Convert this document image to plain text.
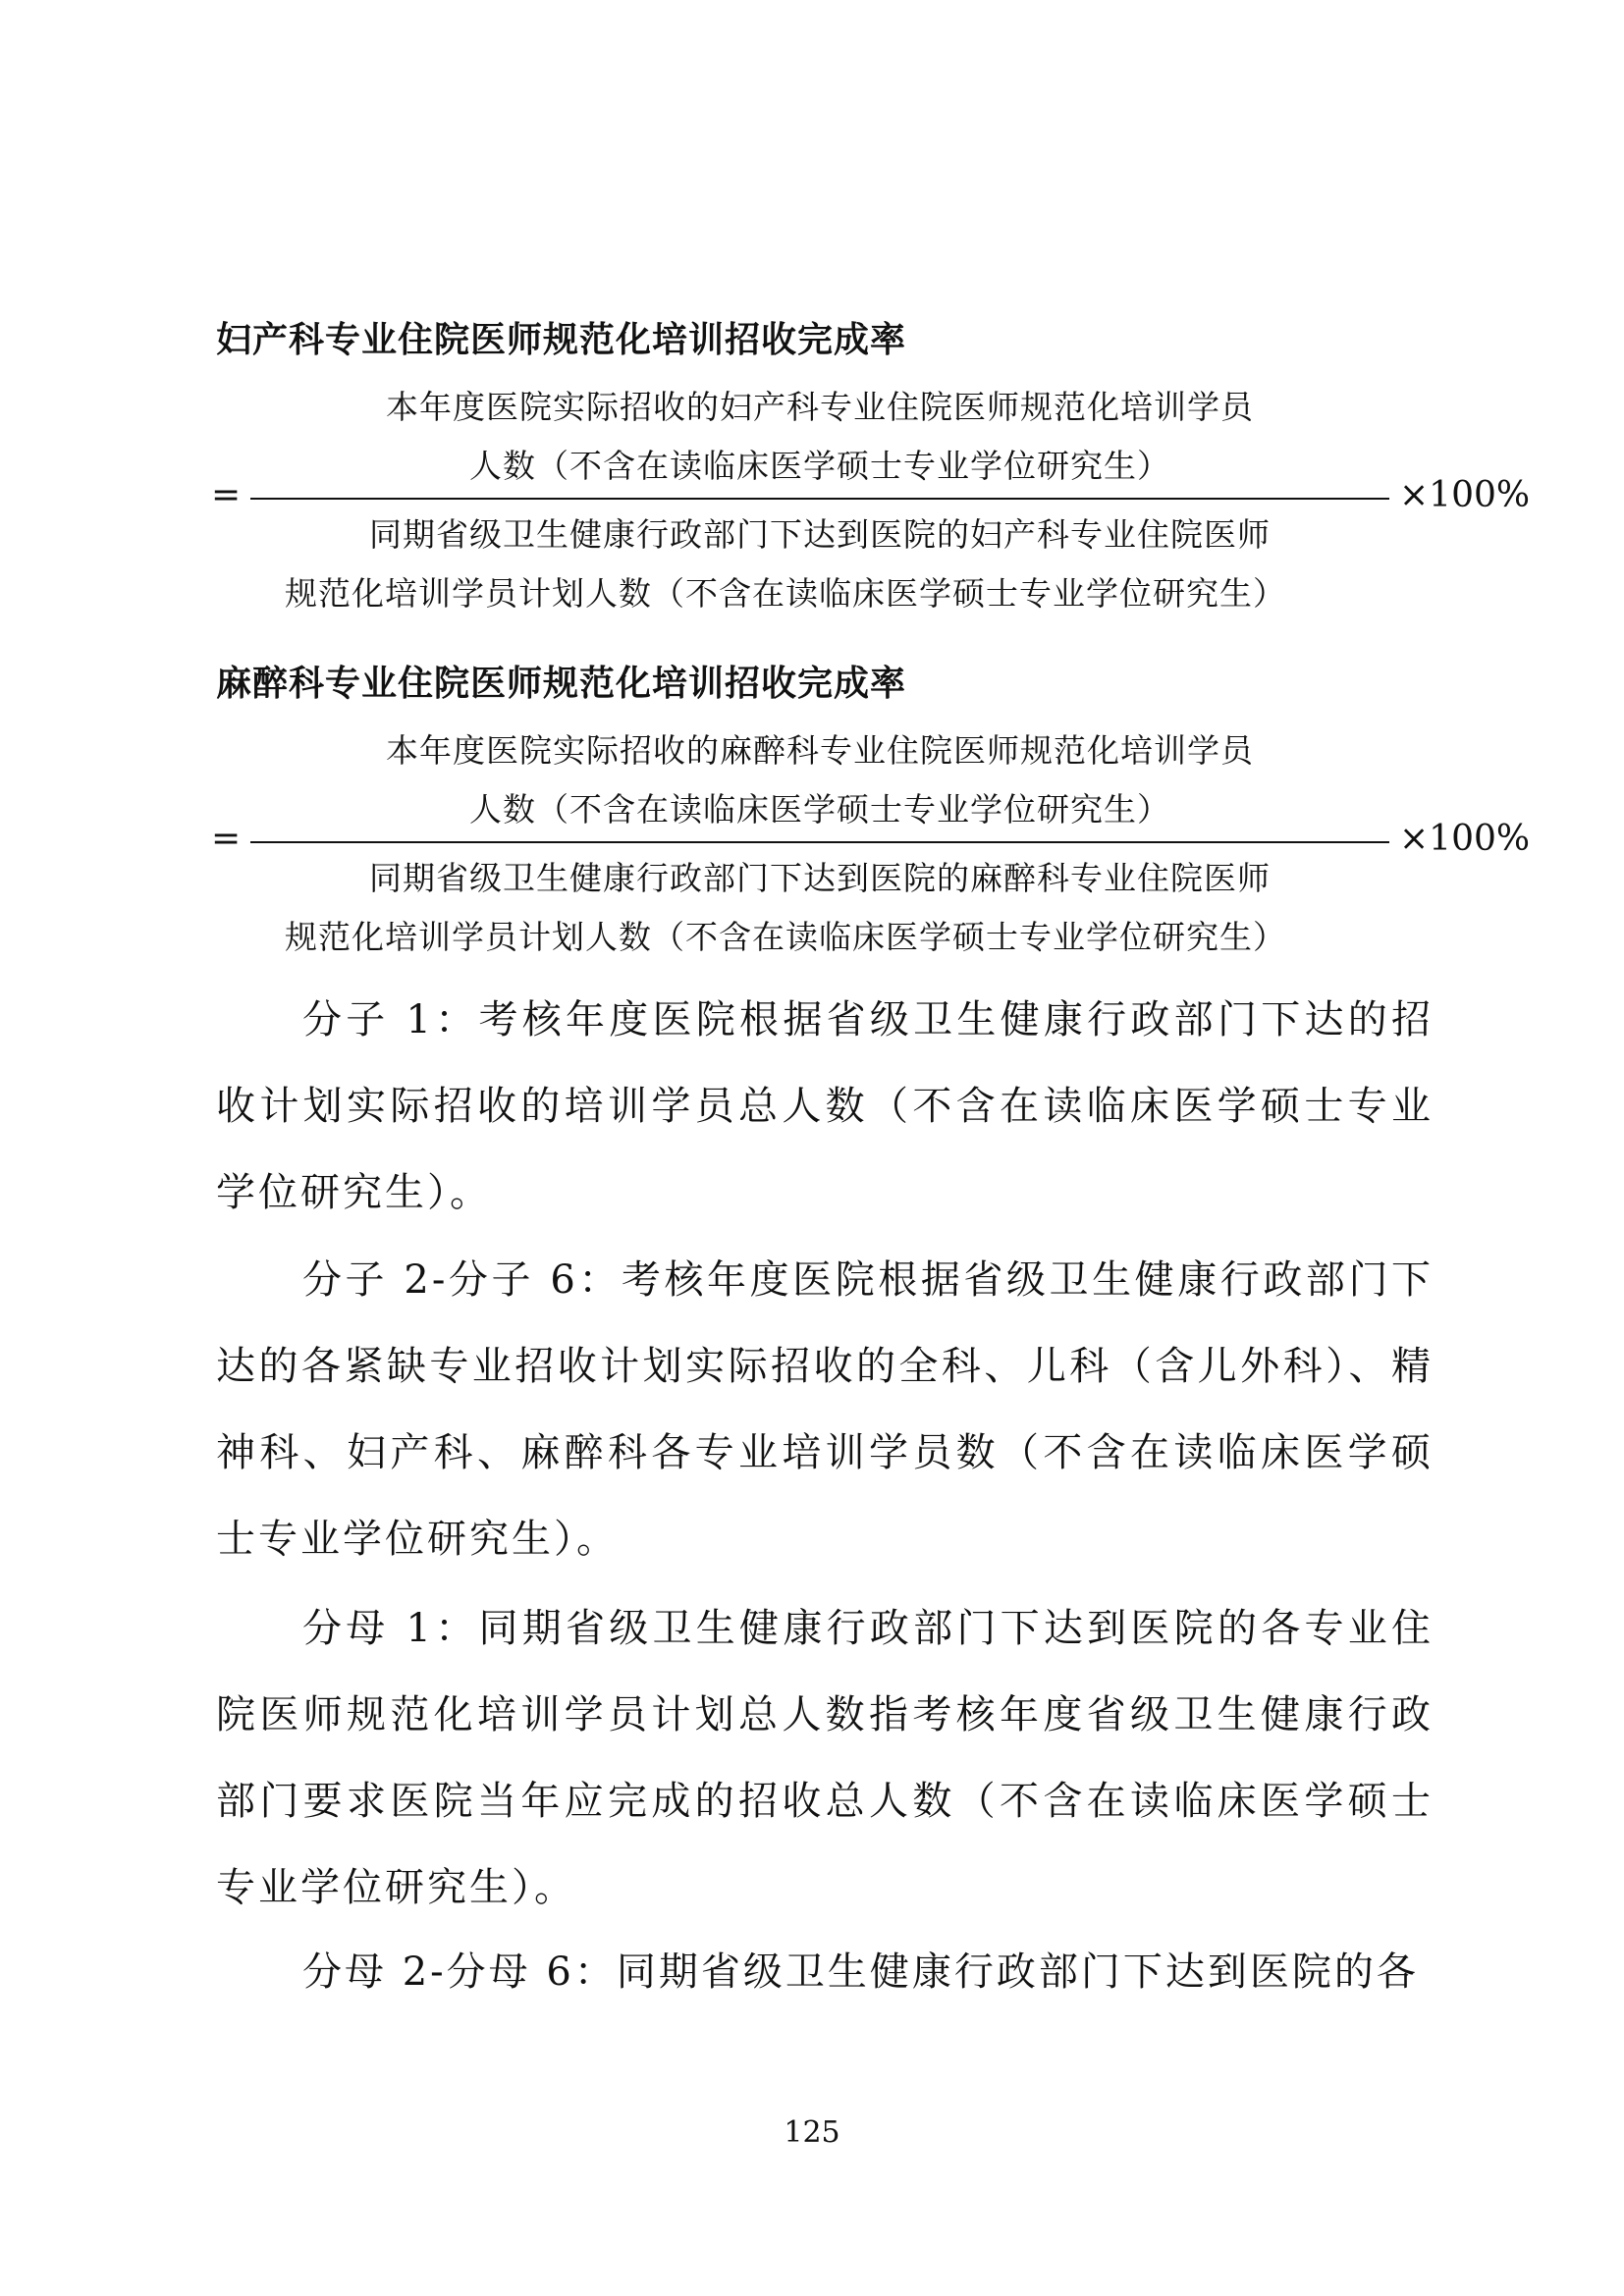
妇产科专业住院医师规范化培训招收完成率
=
本年度医院实际招收的妇产科专业住院医师规范化培训学员
人数（不含在读临床医学硕士专业学位研究生）
同期省级卫生健康行政部门下达到医院的妇产科专业住院医师
规范化培训学员计划人数（不含在读临床医学硕士专业学位研究生）
×100%
麻醉科专业住院医师规范化培训招收完成率
=
本年度医院实际招收的麻醉科专业住院医师规范化培训学员
人数（不含在读临床医学硕士专业学位研究生）
同期省级卫生健康行政部门下达到医院的麻醉科专业住院医师
规范化培训学员计划人数（不含在读临床医学硕士专业学位研究生）
×100%

分子 1：考核年度医院根据省级卫生健康行政部门下达的招收计划实际招收的培训学员总人数（不含在读临床医学硕士专业学位研究生）。

分子 2-分子 6：考核年度医院根据省级卫生健康行政部门下达的各紧缺专业招收计划实际招收的全科、儿科（含儿外科）、精神科、妇产科、麻醉科各专业培训学员数（不含在读临床医学硕士专业学位研究生）。

分母 1：同期省级卫生健康行政部门下达到医院的各专业住院医师规范化培训学员计划总人数指考核年度省级卫生健康行政部门要求医院当年应完成的招收总人数（不含在读临床医学硕士专业学位研究生）。

分母 2-分母 6：同期省级卫生健康行政部门下达到医院的各

125
